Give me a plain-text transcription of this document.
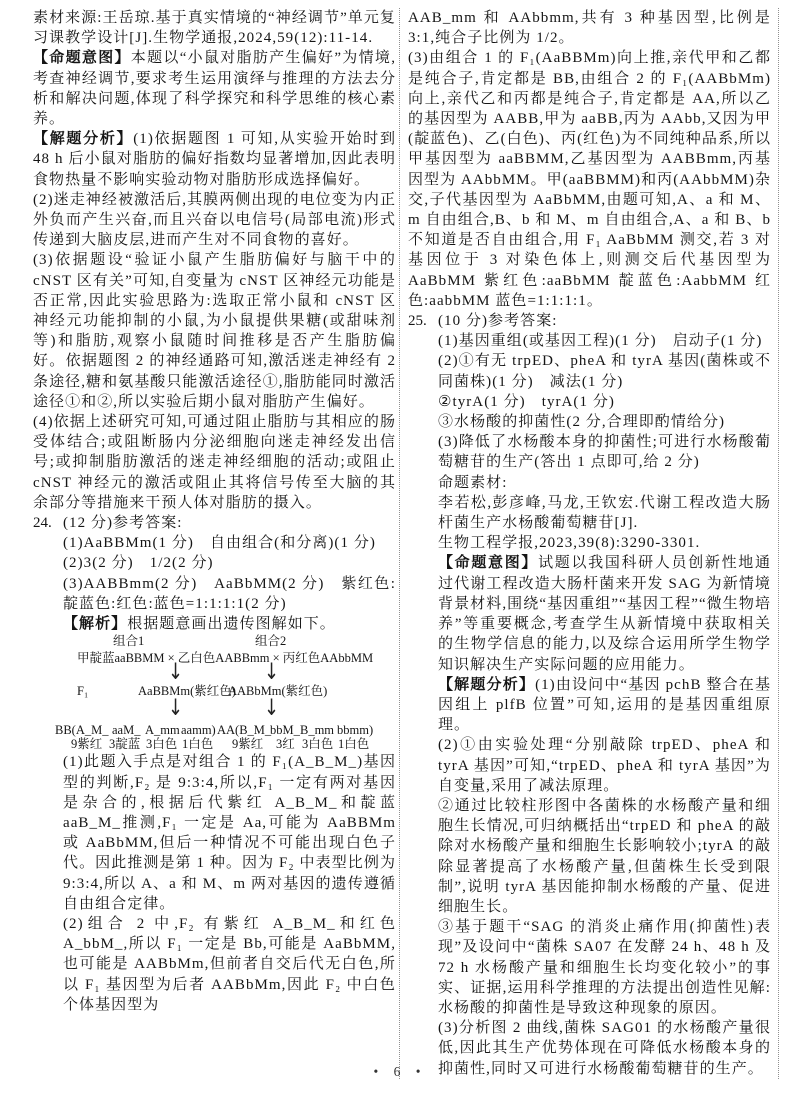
素材来源:王岳琼.基于真实情境的“神经调节”单元复习课教学设计[J].生物学通报,2024,59(12):11-14.

【命题意图】本题以“小鼠对脂肪产生偏好”为情境,考查神经调节,要求考生运用演绎与推理的方法去分析和解决问题,体现了科学探究和科学思维的核心素养。

【解题分析】(1)依据题图 1 可知,从实验开始时到 48 h 后小鼠对脂肪的偏好指数均显著增加,因此表明食物热量不影响实验动物对脂肪形成选择偏好。

(2)迷走神经被激活后,其膜两侧出现的电位变为内正外负而产生兴奋,而且兴奋以电信号(局部电流)形式传递到大脑皮层,进而产生对不同食物的喜好。

(3)依据题设“验证小鼠产生脂肪偏好与脑干中的 cNST 区有关”可知,自变量为 cNST 区神经元功能是否正常,因此实验思路为:选取正常小鼠和 cNST 区神经元功能抑制的小鼠,为小鼠提供果糖(或甜味剂等)和脂肪,观察小鼠随时间推移是否产生脂肪偏好。依据题图 2 的神经通路可知,激活迷走神经有 2 条途径,糖和氨基酸只能激活途径①,脂肪能同时激活途径①和②,所以实验后期小鼠对脂肪产生偏好。

(4)依据上述研究可知,可通过阻止脂肪与其相应的肠受体结合;或阻断肠内分泌细胞向迷走神经发出信号;或抑制脂肪激活的迷走神经细胞的活动;或阻止 cNST 神经元的激活或阻止其将信号传至大脑的其余部分等措施来干预人体对脂肪的摄入。

24. (12 分)参考答案:

(1)AaBBMm(1 分)　自由组合(和分离)(1 分)

(2)3(2 分)　1/2(2 分)

(3)AABBmm(2 分)　AaBbMM(2 分)　紫红色:靛蓝色:红色:蓝色=1:1:1:1(2 分)

【解析】根据题意画出遗传图解如下。

组合1	组合2
甲靛蓝aaBBMM × 乙白色AABBmm × 丙红色AAbbMM
↓	↓
F₁	AaBBMm(紫红色)
AABbMm(紫红色)
↓	↓
BB(A_M_ aaM_ A_mm aamm) AA(B_M_
bbM_ B_mm bbmm)
9紫红 3靛蓝 3白色 1白色 9紫红 3红 3白色 1白色

(1)此题入手点是对组合 1 的 F₁(A_B_M_)基因型的判断,F₂ 是 9:3:4,所以,F₁ 一定有两对基因是杂合的,根据后代紫红 A_B_M_和靛蓝 aaB_M_推测,F₁ 一定是 Aa,可能为 AaBBMm 或 AaBbMM,但后一种情况不可能出现白色子代。因此推测是第 1 种。因为 F₂ 中表型比例为 9:3:4,所以 A、a 和 M、m 两对基因的遗传遵循自由组合定律。

(2)组合 2 中,F₂ 有紫红 A_B_M_和红色 A_bbM_,所以 F₁ 一定是 Bb,可能是 AaBbMM,也可能是 AABbMm,但前者自交后代无白色,所以 F₁ 基因型为后者 AABbMm,因此 F₂ 中白色个体基因型为

AAB_mm 和 AAbbmm,共有 3 种基因型,比例是 3:1,纯合子比例为 1/2。

(3)由组合 1 的 F₁(AaBBMm)向上推,亲代甲和乙都是纯合子,肯定都是 BB,由组合 2 的 F₁(AABbMm)向上,亲代乙和丙都是纯合子,肯定都是 AA,所以乙的基因型为 AABB,甲为 aaBB,丙为 AAbb,又因为甲(靛蓝色)、乙(白色)、丙(红色)为不同纯种品系,所以甲基因型为 aaBBMM,乙基因型为 AABBmm,丙基因型为 AAbbMM。甲(aaBBMM)和丙(AAbbMM)杂交,子代基因型为 AaBbMM,由题可知,A、a 和 M、m 自由组合,B、b 和 M、m 自由组合,A、a 和 B、b 不知道是否自由组合,用 F₁ AaBbMM 测交,若 3 对基因位于 3 对染色体上,则测交后代基因型为 AaBbMM 紫红色:aaBbMM 靛蓝色:AabbMM 红色:aabbMM 蓝色=1:1:1:1。

25. (10 分)参考答案:

(1)基因重组(或基因工程)(1 分)　启动子(1 分)

(2)①有无 trpED、pheA 和 tyrA 基因(菌株或不同菌株)(1 分)　减法(1 分)

②tyrA(1 分)　tyrA(1 分)

③水杨酸的抑菌性(2 分,合理即酌情给分)

(3)降低了水杨酸本身的抑菌性;可进行水杨酸葡萄糖苷的生产(答出 1 点即可,给 2 分)

命题素材:

李若松,彭彦峰,马龙,王钦宏.代谢工程改造大肠杆菌生产水杨酸葡萄糖苷[J].

生物工程学报,2023,39(8):3290-3301.

【命题意图】试题以我国科研人员创新性地通过代谢工程改造大肠杆菌来开发 SAG 为新情境背景材料,围绕“基因重组”“基因工程”“微生物培养”等重要概念,考查学生从新情境中获取相关的生物学信息的能力,以及综合运用所学生物学知识解决生产实际问题的应用能力。

【解题分析】(1)由设问中“基因 pchB 整合在基因组上 plfB 位置”可知,运用的是基因重组原理。

(2)①由实验处理“分别敲除 trpED、pheA 和 tyrA 基因”可知,“trpED、pheA 和 tyrA 基因”为自变量,采用了减法原理。

②通过比较柱形图中各菌株的水杨酸产量和细胞生长情况,可归纳概括出“trpED 和 pheA 的敲除对水杨酸产量和细胞生长影响较小;tyrA 的敲除显著提高了水杨酸产量,但菌株生长受到限制”,说明 tyrA 基因能抑制水杨酸的产量、促进细胞生长。

③基于题干“SAG 的消炎止痛作用(抑菌性)表现”及设问中“菌株 SA07 在发酵 24 h、48 h 及 72 h 水杨酸产量和细胞生长均变化较小”的事实、证据,运用科学推理的方法提出创造性见解:水杨酸的抑菌性是导致这种现象的原因。

(3)分析图 2 曲线,菌株 SAG01 的水杨酸产量很低,因此其生产优势体现在可降低水杨酸本身的抑菌性,同时又可进行水杨酸葡萄糖苷的生产。

• 6 •
